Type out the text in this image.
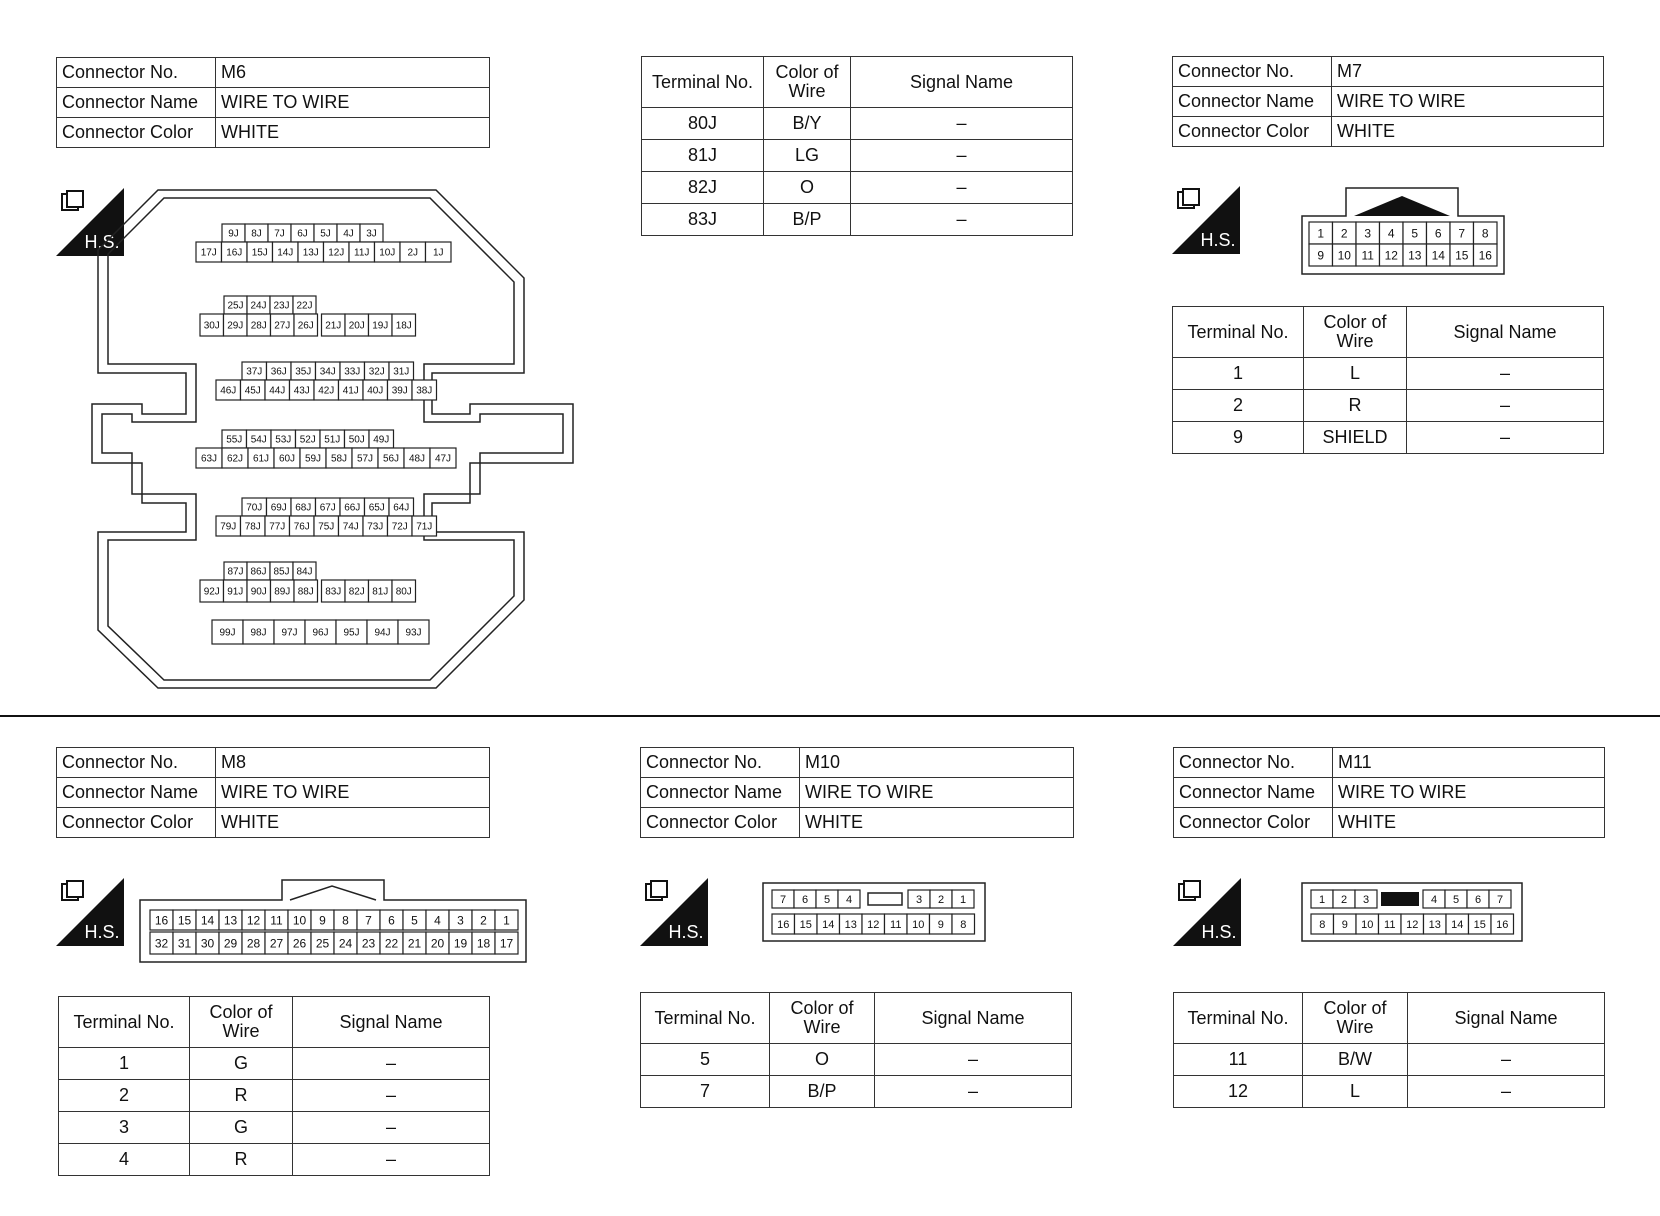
Connector No.	M6
Connector Name	WIRE TO WIRE
Connector Color	WHITE
H.S.	9J 8J 7J 6J 5J 4J 3J
17J 16J 15J 14J 13J 12J 11J 10J 2J 1J
25J 24J 23J 22J
30J 29J 28J 27J 26J 21J 20J 19J 18J
37J 36J 35J 34J 33J 32J 31J
46J 45J 44J 43J 42J 41J 40J 39J 38J
55J 54J 53J 52J 51J 50J 49J
63J 62J 61J 60J 59J 58J 57J 56J 48J 47J
70J 69J 68J 67J 66J 65J 64J
79J 78J 77J 76J 75J 74J 73J 72J 71J
87J 86J 85J 84J
92J 91J 90J 89J 88J 83J 82J 81J 80J
99J 98J 97J 96J 95J 94J 93J
Terminal No.	Color of Wire	Signal Name
80J	B/Y	–
81J	LG	–
82J	O	–
83J	B/P	–
Connector No.	M7
Connector Name	WIRE TO WIRE
Connector Color	WHITE
H.S.	1 2 3 4 5 6 7 8
9 10 11 12 13 14 15 16
Terminal No.	Color of Wire	Signal Name
1	L	–
2	R	–
9	SHIELD	–
Connector No.	M8
Connector Name	WIRE TO WIRE
Connector Color	WHITE
H.S.
16 15 14 13 12 11 10 9 8 7 6 5 4 3 2 1
32 31 30 29 28 27 26 25 24 23 22 21 20 19 18 17
Terminal No.	Color of Wire	Signal Name
1	G	–
2	R	–
3	G	–
4	R	–
Connector No.	M10
Connector Name	WIRE TO WIRE
Connector Color	WHITE
H.S.
7 6 5 4	3 2 1
16 15 14 13 12 11 10 9 8
Terminal No.	Color of Wire	Signal Name
5	O	–
7	B/P	–
Connector No.	M11
Connector Name	WIRE TO WIRE
Connector Color	WHITE
H.S.
1 2 3	4 5 6 7
8 9 10 11 12 13 14 15 16
Terminal No.	Color of Wire	Signal Name
11	B/W	–
12	L	–
